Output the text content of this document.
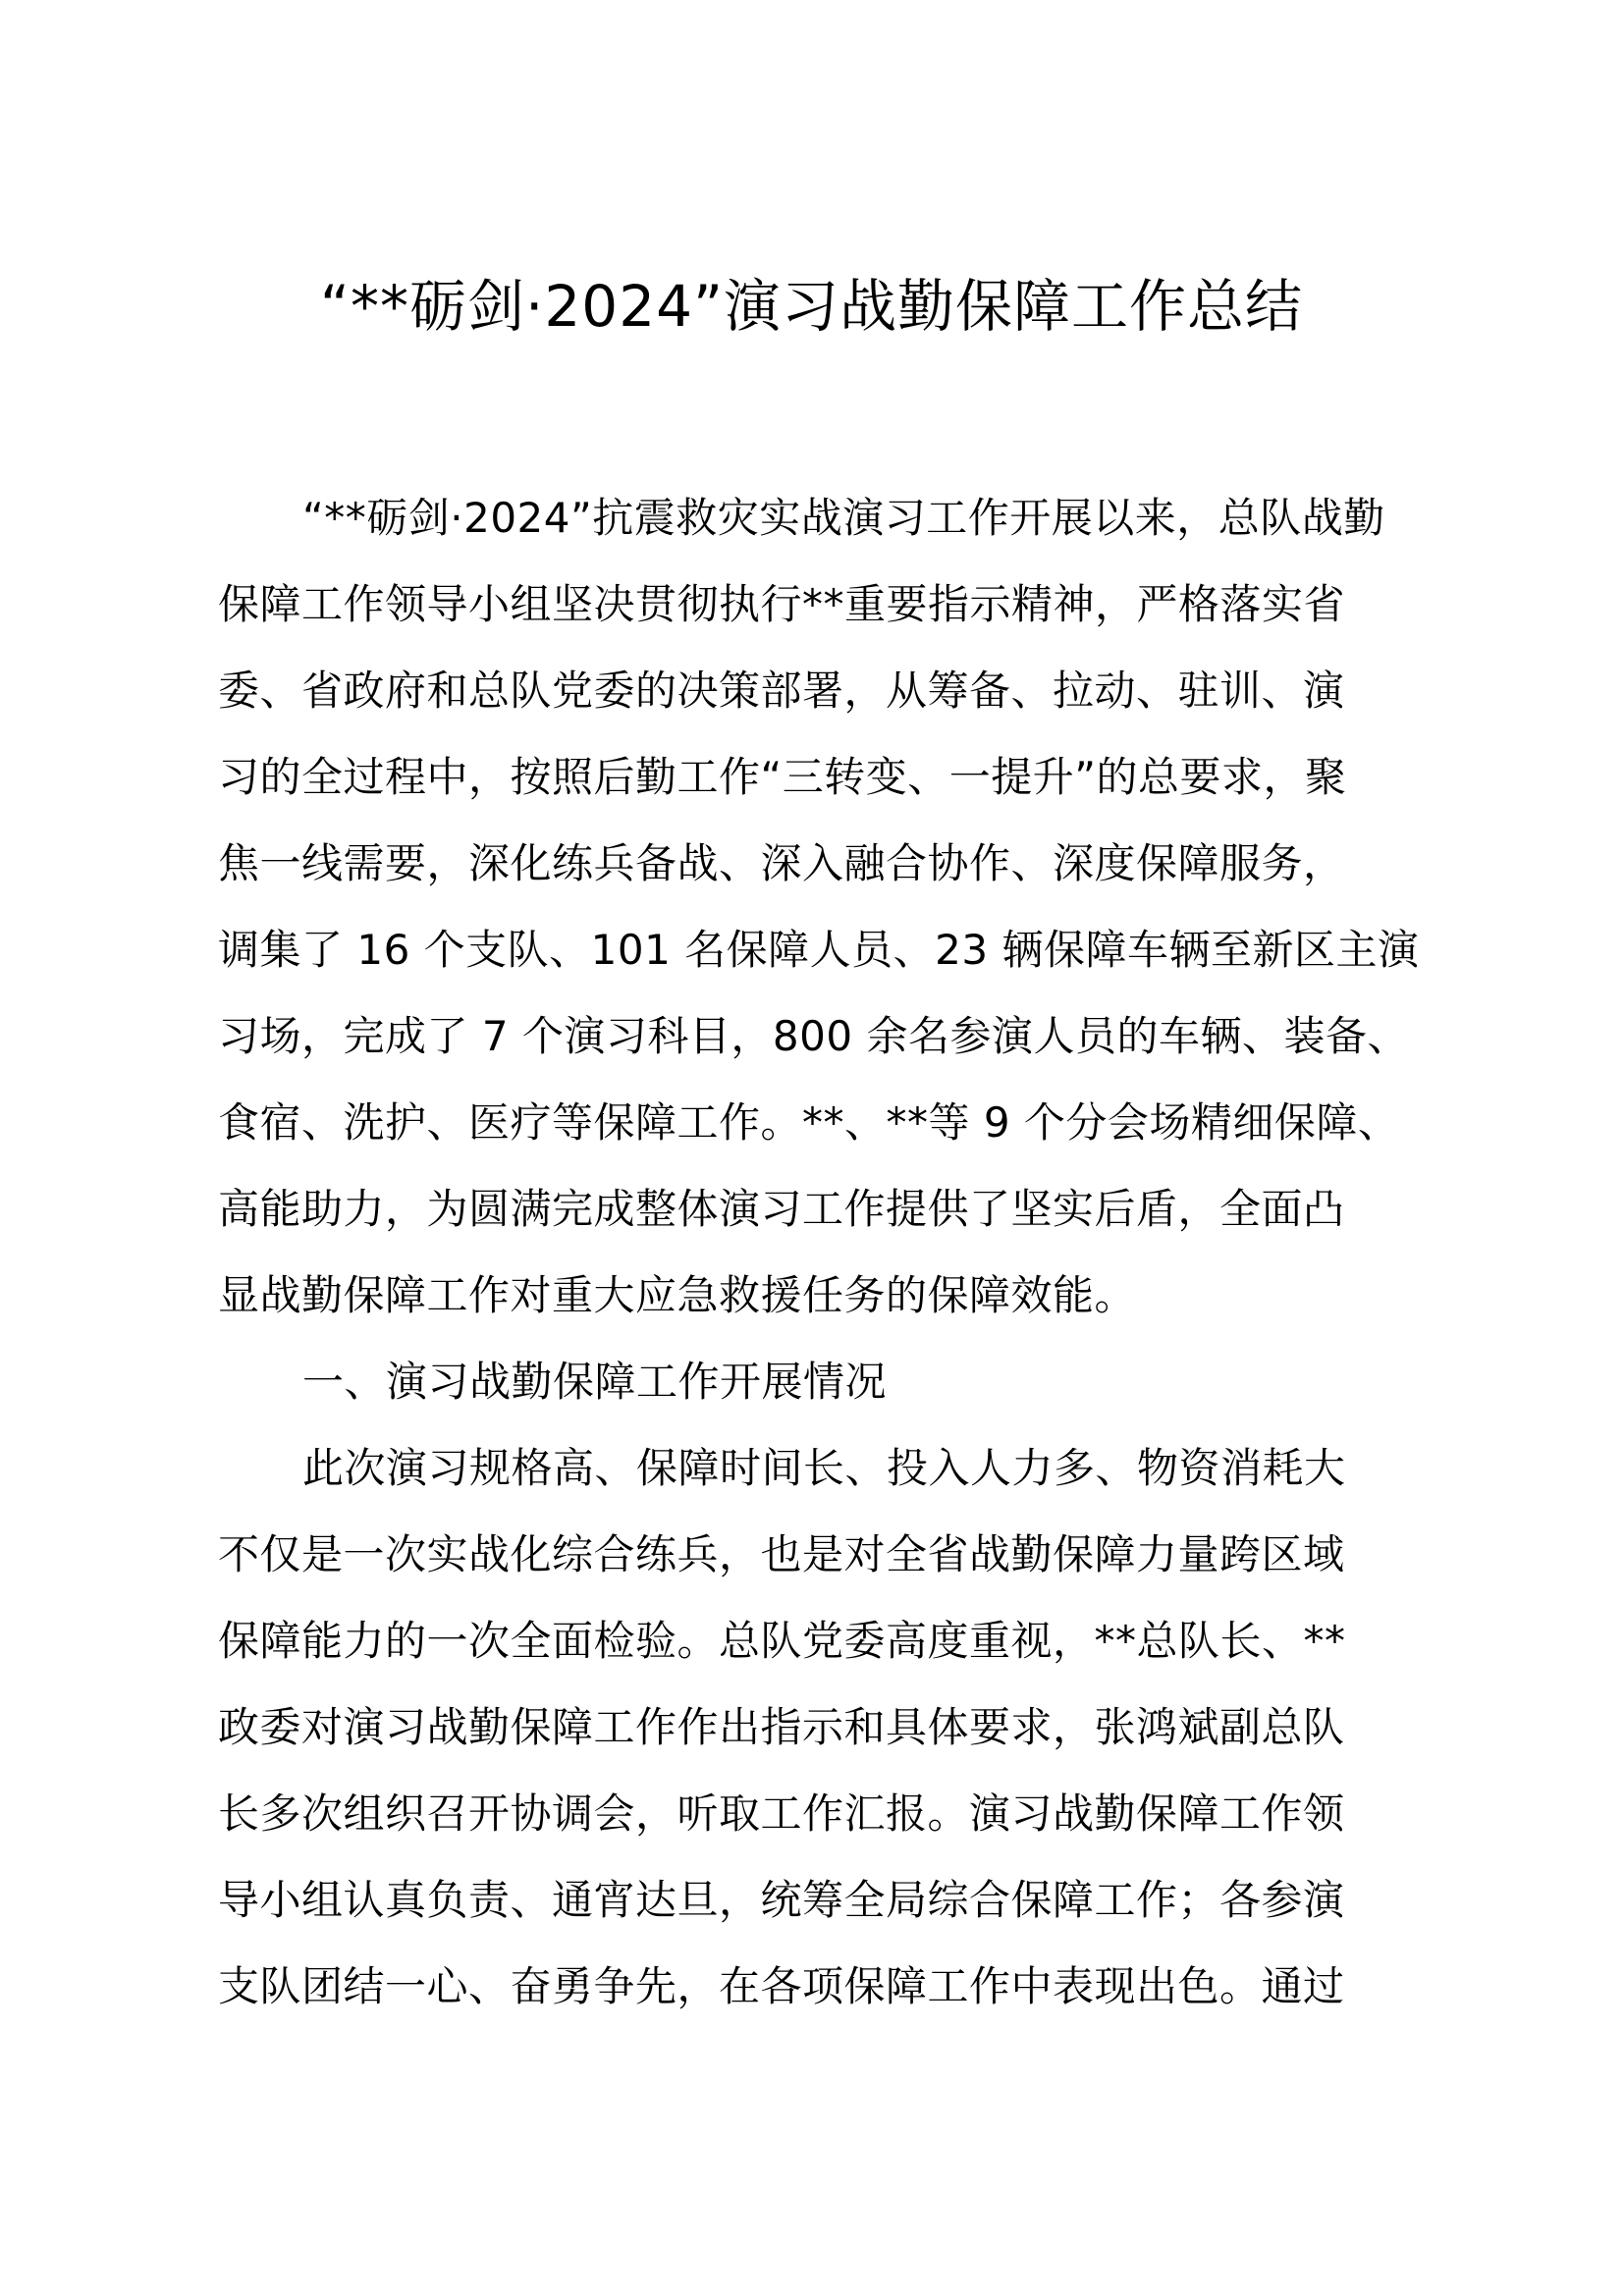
“**砺剑·2024”演习战勤保障工作总结
“**砺剑·2024”抗震救灾实战演习工作开展以来，总队战勤
保障工作领导小组坚决贯彻执行**重要指示精神，严格落实省
委、省政府和总队党委的决策部署，从筹备、拉动、驻训、演
习的全过程中，按照后勤工作“三转变、一提升”的总要求，聚
焦一线需要，深化练兵备战、深入融合协作、深度保障服务，
调集了 16 个支队、101 名保障人员、23 辆保障车辆至新区主演
习场，完成了 7 个演习科目，800 余名参演人员的车辆、装备、
食宿、洗护、医疗等保障工作。**、**等 9 个分会场精细保障、
高能助力，为圆满完成整体演习工作提供了坚实后盾，全面凸
显战勤保障工作对重大应急救援任务的保障效能。
一、演习战勤保障工作开展情况
此次演习规格高、保障时间长、投入人力多、物资消耗大
不仅是一次实战化综合练兵，也是对全省战勤保障力量跨区域
保障能力的一次全面检验。总队党委高度重视，**总队长、**
政委对演习战勤保障工作作出指示和具体要求，张鸿斌副总队
长多次组织召开协调会，听取工作汇报。演习战勤保障工作领
导小组认真负责、通宵达旦，统筹全局综合保障工作；各参演
支队团结一心、奋勇争先，在各项保障工作中表现出色。通过
